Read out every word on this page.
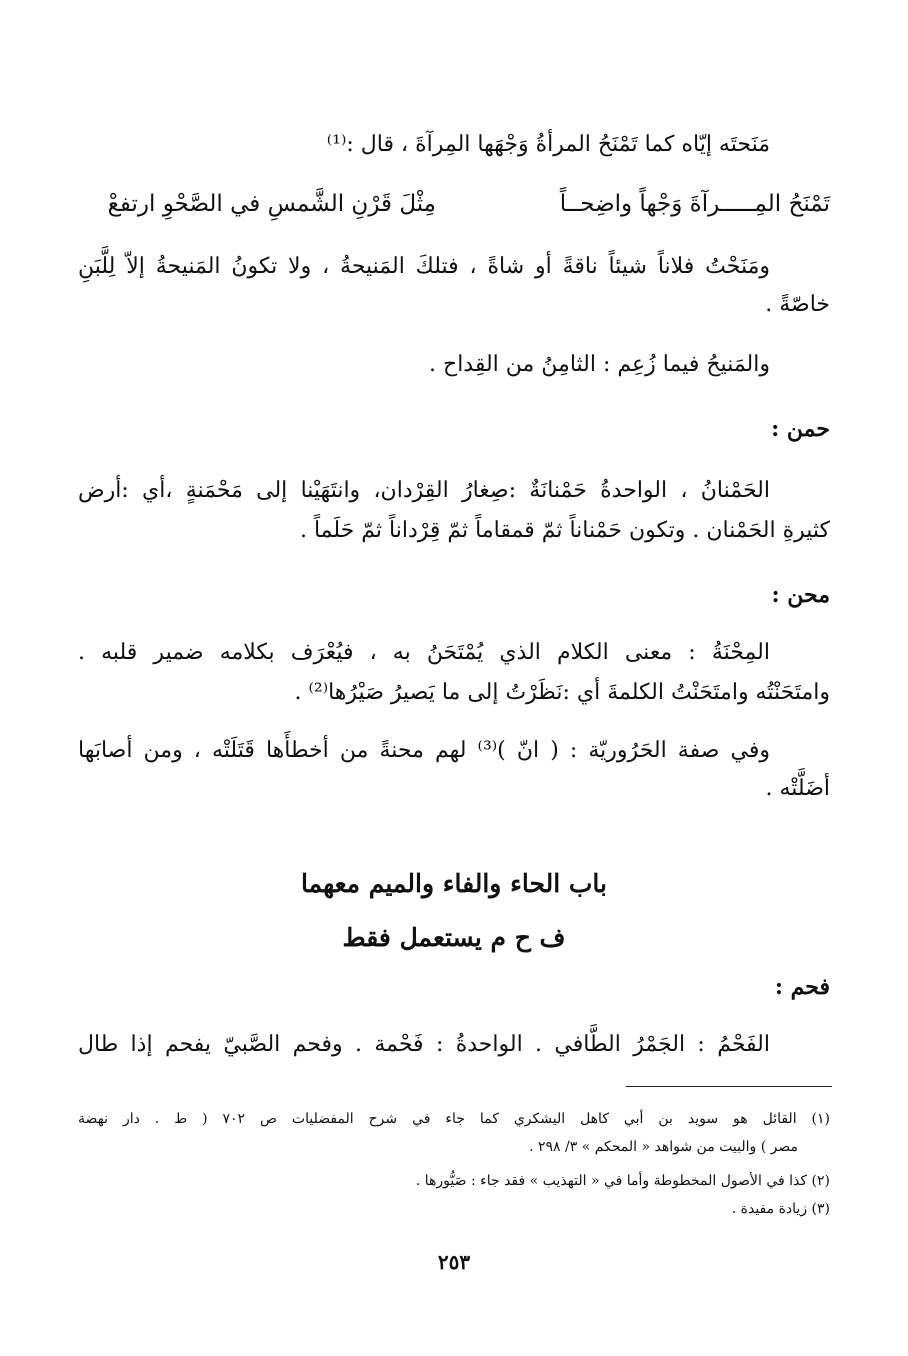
مَنَحتَه إيّاه كما تَمْنَحُ المرأةُ وَجْهَها المِرآةَ ، قال :⁽¹⁾
تَمْنَحُ المِـــــرآةَ وَجْهاً واضِحــاً
مِثْلَ قَرْنِ الشَّمسِ في الصَّحْوِ ارتفعْ
ومَنَحْتُ فلاناً شيئاً ناقةً أو شاةً ، فتلكَ المَنيحةُ ، ولا تكونُ المَنيحةُ إلاّ لِلَّبَنِ
خاصّةً .
والمَنيحُ فيما زُعِم : الثامِنُ من القِداح .
حمن :
الحَمْنانُ ، الواحدةُ حَمْنانَةٌ :صِغارُ القِرْدان، وانتَهَيْنا إلى مَحْمَنةٍ ،أي :أرض
كثيرةِ الحَمْنان . وتكون حَمْناناً ثمّ قمقاماً ثمّ قِرْداناً ثمّ حَلَماً .
محن :
المِحْنَةُ : معنى الكلام الذي يُمْتَحَنُ به ، فيُعْرَف بكلامه ضمير قلبه .
وامتَحَنْتُه وامتَحَنْتُ الكلمةَ أي :نَظَرْتُ إلى ما يَصيرُ صَيْرُها⁽²⁾ .
وفي صفة الحَرُوريّة : ( انّ )⁽³⁾ لهم محنةً من أخطأَها قَتَلَتْه ، ومن أصابَها
أضَلَّتْه .
باب الحاء والفاء والميم معهما
ف ح م يستعمل فقط
فحم :
الفَحْمُ : الجَمْرُ الطَّافي . الواحدةُ : فَحْمة . وفحم الصَّبيّ يفحم إذا طال
(١) القائل هو سويد بن أبي كاهل اليشكري كما جاء في شرح المفضليات ص ٧٠٢ ( ط . دار نهضة
مصر ) والبيت من شواهد « المحكم » ٣/ ٢٩٨ .
(٢) كذا في الأصول المخطوطة وأما في « التهذيب » فقد جاء : صَيُّورها .
(٣) زيادة مفيدة .
٢٥٣
